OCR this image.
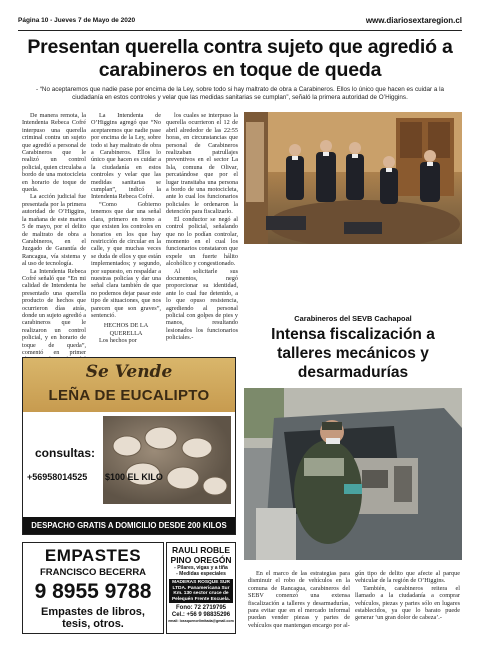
Página 10 - Jueves 7 de Mayo de 2020	www.diariosextaregion.cl
Presentan querella contra sujeto que agredió a carabineros en toque de queda
- “No aceptaremos que nadie pase por encima de la Ley, sobre todo si hay maltrato de obra a Carabineros. Ellos lo único que hacen es cuidar a la ciudadanía en estos controles y velar que las medidas sanitarias se cumplan”, señaló la primera autoridad de O’Higgins.

De manera remota, la Intendenta Rebeca Cofré interpuso una querella criminal contra un sujeto que agredió a personal de Carabineros que le realizó un control policial, quien circulaba a bordo de una motocicleta en horario de toque de queda.

La acción judicial fue presentada por la primera autoridad de O’Higgins, la mañana de este martes 5 de mayo, por el delito de maltrato de obra a Carabineros, en el Juzgado de Garantía de Rancagua, vía sistema y al uso de tecnología.

La Intendenta Rebeca Cofré señaló que “En mi calidad de Intendenta he presentado una querella producto de hechos que ocurrieron días atrás, donde un sujeto agredió a carabineros que le realizaron un control policial, y en horario de toque de queda”, comentó en primer

La Intendenta de O’Higgins agregó que “No aceptaremos que nadie pase por encima de la Ley, sobre todo si hay maltrato de obra a Carabineros. Ellos lo único que hacen es cuidar a la ciudadanía en estos controles y velar que las medidas sanitarias se cumplan”, indicó la Intendenta Rebeca Cofré.

“Como Gobierno tenemos que dar una señal clara, primero en torno a que existen los controles en horarios en los que hay restricción de circular en la calle, y que muchas veces se duda de ellos y que están implementados; y segundo, por supuesto, en respaldar a nuestras policías y dar una señal clara también de que no podemos dejar pasar este tipo de situaciones, que nos parecen que son graves”, sentenció.

HECHOS DE LA QUERELLA

Los hechos por

los cuales se interpuso la querella ocurrieron el 12 de abril alrededor de las 22:55 horas, en circunstancias que personal de Carabineros realizaban patrullajes preventivos en el sector La Isla, comuna de Olivar, percatándose que por el lugar transitaba una persona a bordo de una motocicleta, ante lo cual los funcionarios policiales le ordenaron la detención para fiscalizarlo.

El conductor se negó al control policial, señalando que no lo podían controlar, momento en el cual los funcionarios constataron que expele un fuerte hálito alcohólico y congestionado.

Al solicitarle sus documentos, negó proporcionar su identidad, ante lo cual fue detenido, a lo que opuso resistencia, agrediendo al personal policial con golpes de pies y manos, resultando lesionados los funcionarios policiales.-

Carabineros del SEVB Cachapoal
Intensa fiscalización a talleres mecánicos y desarmadurías

En el marco de las estrategias para disminuir el robo de vehículos en la comuna de Rancagua, carabineros del SEBV comenzó una extensa fiscalización a talleres y desarmadurías, para evitar que en el mercado informal puedan vender piezas y partes de vehículos que mantengan encargo por al-

gún tipo de delito que afecte al parque vehicular de la región de O’Higgins.

También, carabineros reitera el llamado a la ciudadanía a comprar vehículos, piezas y partes sólo en lugares establecidos, ya que lo barato puede generar ‘un gran dolor de cabeza’.-

Se Vende
LEÑA DE EUCALIPTO
consultas:
+56958014525 $100 EL KILO
DESPACHO GRATIS A DOMICILIO DESDE 200 KILOS
EMPASTES
FRANCISCO BECERRA
9 8955 9788
Empastes de libros,
tesis, otros.
RAULI ROBLE
PINO OREGÓN
- Pilares, vigas y a tiña
- Medidas especiales
MADERAS ROSQUE SUR LTDA. Panamericana Sur Km. 130 sector cruce de Pelequén Frente Escuela.
Fono: 72 2719795
Cel.: +56 9 98835296
email: lossquenorlimitada@gmail.com
